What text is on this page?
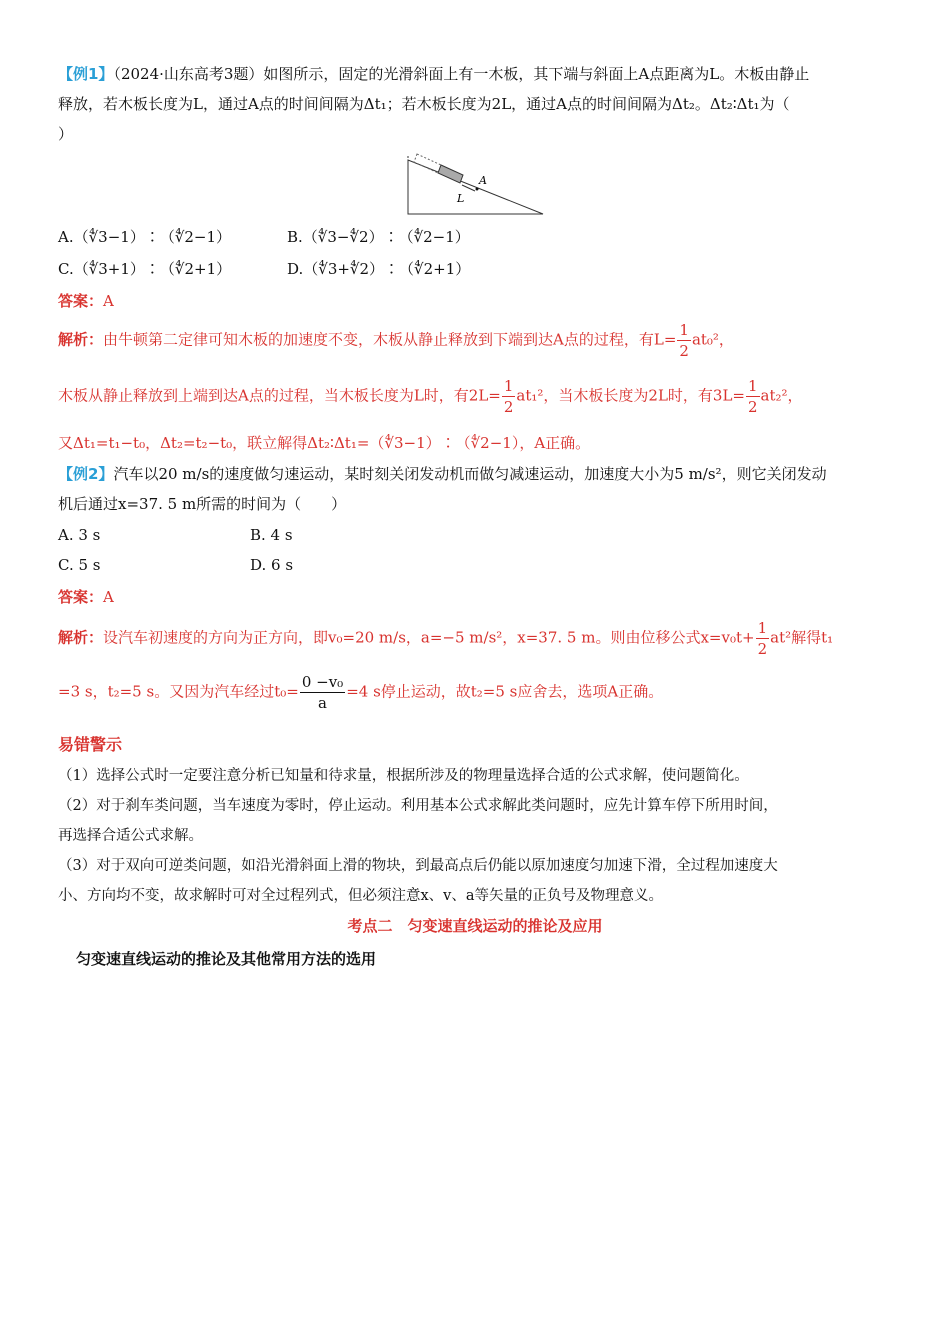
【例1】（2024·山东高考3题）如图所示，固定的光滑斜面上有一木板，其下端与斜面上A点距离为L。木板由静止
释放，若木板长度为L，通过A点的时间间隔为Δt₁；若木板长度为2L，通过A点的时间间隔为Δt₂。Δt₂∶Δt₁为（
）
A
L
A.（∜3−1）∶（∜2−1）	B.（∜3−∜2）∶（∜2−1）
C.（∜3+1）∶（∜2+1）	D.（∜3+∜2）∶（∜2+1）
答案：A
解析：由牛顿第二定律可知木板的加速度不变，木板从静止释放到下端到达A点的过程，有$L= \frac{1}{2} at_0^2$，
木板从静止释放到上端到达A点的过程，当木板长度为L时，有$2L= \frac{1}{2} at_1^2$，当木板长度为2L时，有$3L= \frac{1}{2} at_2^2$，
又Δt₁=t₁−t₀，Δt₂=t₂−t₀，联立解得Δt₂∶Δt₁=（∜3−1）∶（∜2−1），A正确。
【例2】汽车以20 m/s的速度做匀速运动，某时刻关闭发动机而做匀减速运动，加速度大小为5 m/s²，则它关闭发动
机后通过x=37. 5 m所需的时间为（　　）
A. 3 s	B. 4 s
C. 5 s	D. 6 s
答案：A
解析：设汽车初速度的方向为正方向，即v₀=20 m/s，a=−5 m/s²，x=37. 5 m。则由位移公式$x=v_0t+ \frac{1}{2} at^2$解得t₁
=3 s，t₂=5 s。又因为汽车经过$t_0= \frac{\text{0 −v₀}}{a} =4$ s停止运动，故t₂=5 s应舍去，选项A正确。
易错警示
（1）选择公式时一定要注意分析已知量和待求量，根据所涉及的物理量选择合适的公式求解，使问题简化。
（2）对于刹车类问题，当车速度为零时，停止运动。利用基本公式求解此类问题时，应先计算车停下所用时间，
再选择合适公式求解。
（3）对于双向可逆类问题，如沿光滑斜面上滑的物块，到最高点后仍能以原加速度匀加速下滑，全过程加速度大
小、方向均不变，故求解时可对全过程列式，但必须注意x、v、a等矢量的正负号及物理意义。
考点二　匀变速直线运动的推论及应用
匀变速直线运动的推论及其他常用方法的选用
